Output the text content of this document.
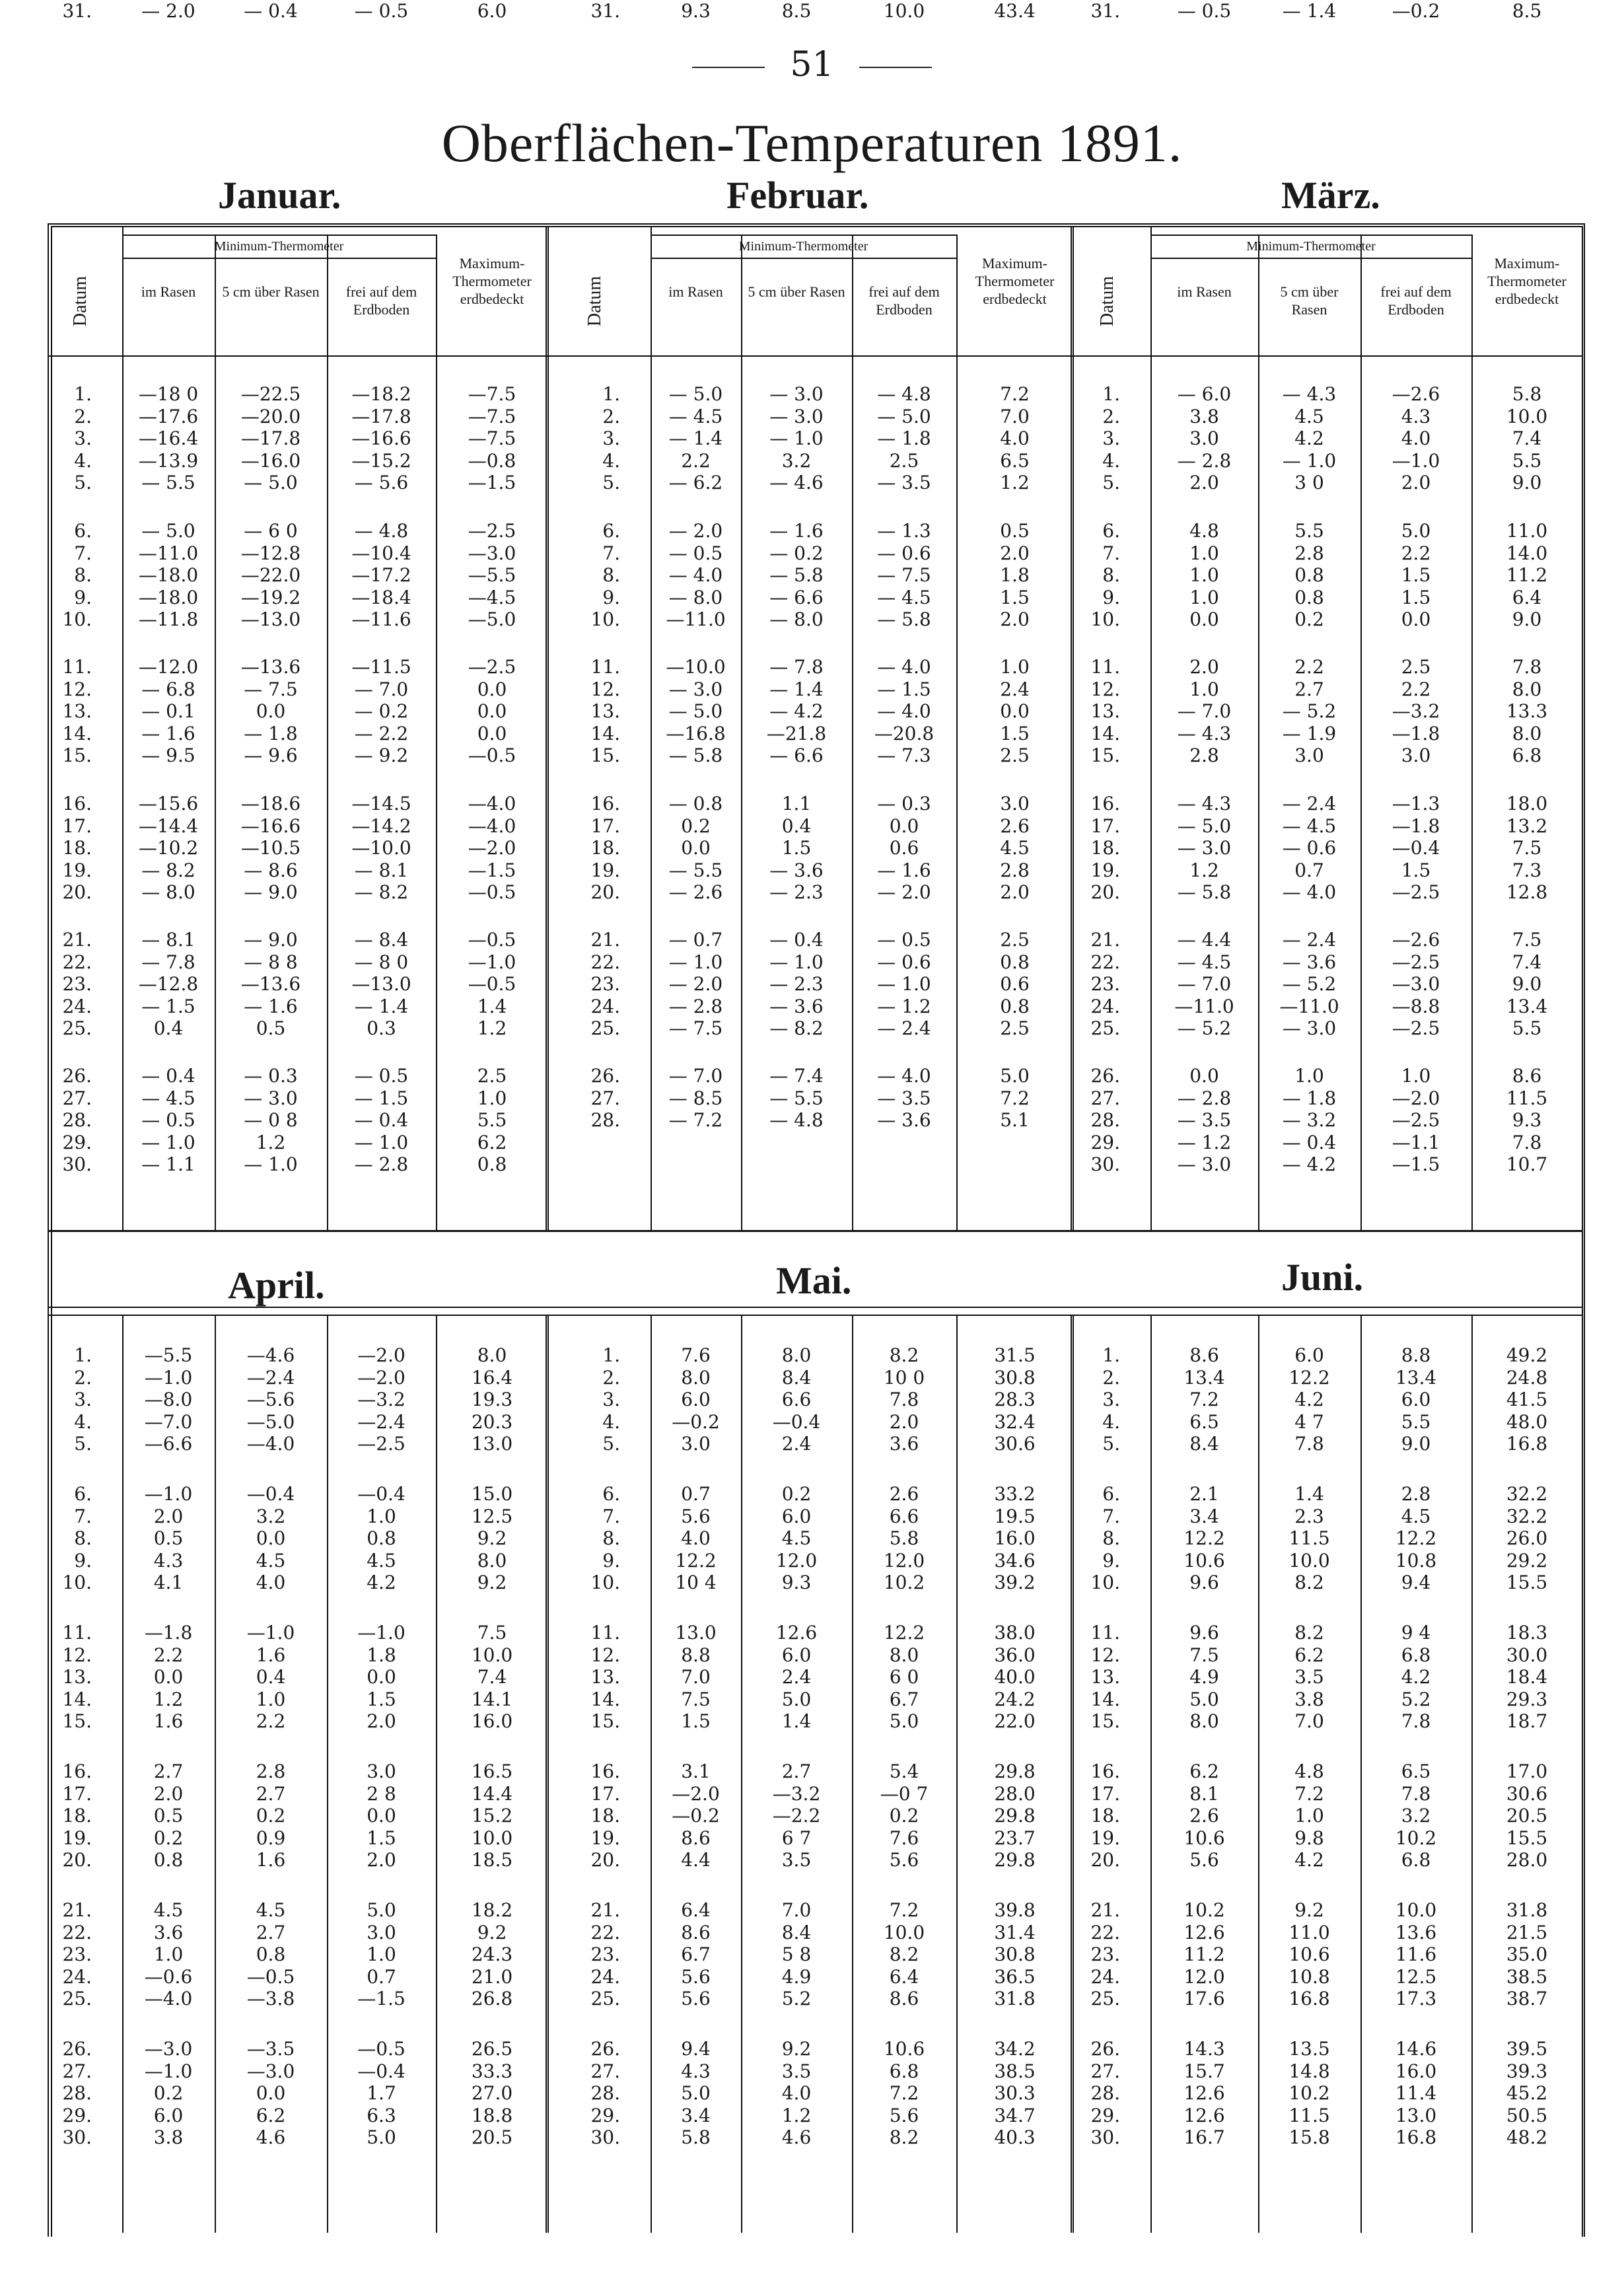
51
Oberflächen-Temperaturen 1891.
Januar.	Februar.	März.
April.	Mai.	Juni.
Datum
Minimum-Thermometer
im Rasen	5 cm über Rasen	frei auf dem Erdboden
Maximum-Thermometer erdbedeckt	Datum
Minimum-Thermometer
im Rasen	5 cm über Rasen	frei auf dem Erdboden
Maximum-Thermometer erdbedeckt	Datum
Minimum-Thermometer
im Rasen	5 cm über Rasen
frei auf dem Erdboden
Maximum-Thermometer erdbedeckt
1.	—18 0	—22.5	—18.2	—7.5
2.	—17.6	—20.0	—17.8	—7.5
3.	—16.4	—17.8	—16.6	—7.5
4.	—13.9	—16.0	—15.2	—0.8
5.	— 5.5	— 5.0	— 5.6	—1.5
6.	— 5.0	— 6 0	— 4.8	—2.5
7.	—11.0	—12.8	—10.4	—3.0
8.	—18.0	—22.0	—17.2	—5.5
9.	—18.0	—19.2	—18.4	—4.5
10.	—11.8	—13.0	—11.6	—5.0
11.	—12.0	—13.6	—11.5	—2.5
12.	— 6.8	— 7.5	— 7.0	0.0
13.	— 0.1	0.0	— 0.2	0.0
14.	— 1.6	— 1.8	— 2.2	0.0
15.	— 9.5	— 9.6	— 9.2	—0.5
16.	—15.6	—18.6	—14.5	—4.0
17.	—14.4	—16.6	—14.2	—4.0
18.	—10.2	—10.5	—10.0	—2.0
19.	— 8.2	— 8.6	— 8.1	—1.5
20.	— 8.0	— 9.0	— 8.2	—0.5
21.	— 8.1	— 9.0	— 8.4	—0.5
22.	— 7.8	— 8 8	— 8 0	—1.0
23.	—12.8	—13.6	—13.0	—0.5
24.	— 1.5	— 1.6	— 1.4	1.4
25.	0.4	0.5	0.3	1.2
26.	— 0.4	— 0.3	— 0.5	2.5
27.	— 4.5	— 3.0	— 1.5	1.0
28.	— 0.5	— 0 8	— 0.4	5.5
29.	— 1.0	1.2	— 1.0	6.2
30.	— 1.1	— 1.0	— 2.8	0.8
31.	— 2.0	— 0.4	— 0.5	6.0
1.	— 5.0	— 3.0	— 4.8	7.2
2.	— 4.5	— 3.0	— 5.0	7.0
3.	— 1.4	— 1.0	— 1.8	4.0
4.	2.2	3.2	2.5	6.5
5.	— 6.2	— 4.6	— 3.5	1.2
6.	— 2.0	— 1.6	— 1.3	0.5
7.	— 0.5	— 0.2	— 0.6	2.0
8.	— 4.0	— 5.8	— 7.5	1.8
9.	— 8.0	— 6.6	— 4.5	1.5
10.	—11.0	— 8.0	— 5.8	2.0
11.	—10.0	— 7.8	— 4.0	1.0
12.	— 3.0	— 1.4	— 1.5	2.4
13.	— 5.0	— 4.2	— 4.0	0.0
14.	—16.8	—21.8	—20.8	1.5
15.	— 5.8	— 6.6	— 7.3	2.5
16.	— 0.8	1.1	— 0.3	3.0
17.	0.2	0.4	0.0	2.6
18.	0.0	1.5	0.6	4.5
19.	— 5.5	— 3.6	— 1.6	2.8
20.	— 2.6	— 2.3	— 2.0	2.0
21.	— 0.7	— 0.4	— 0.5	2.5
22.	— 1.0	— 1.0	— 0.6	0.8
23.	— 2.0	— 2.3	— 1.0	0.6
24.	— 2.8	— 3.6	— 1.2	0.8
25.	— 7.5	— 8.2	— 2.4	2.5
26.	— 7.0	— 7.4	— 4.0	5.0
27.	— 8.5	— 5.5	— 3.5	7.2
28.	— 7.2	— 4.8	— 3.6	5.1
1.	— 6.0	— 4.3	—2.6	5.8
2.	3.8	4.5	4.3	10.0
3.	3.0	4.2	4.0	7.4
4.	— 2.8	— 1.0	—1.0	5.5
5.	2.0	3 0	2.0	9.0
6.	4.8	5.5	5.0	11.0
7.	1.0	2.8	2.2	14.0
8.	1.0	0.8	1.5	11.2
9.	1.0	0.8	1.5	6.4
10.	0.0	0.2	0.0	9.0
11.	2.0	2.2	2.5	7.8
12.	1.0	2.7	2.2	8.0
13.	— 7.0	— 5.2	—3.2	13.3
14.	— 4.3	— 1.9	—1.8	8.0
15.	2.8	3.0	3.0	6.8
16.	— 4.3	— 2.4	—1.3	18.0
17.	— 5.0	— 4.5	—1.8	13.2
18.	— 3.0	— 0.6	—0.4	7.5
19.	1.2	0.7	1.5	7.3
20.	— 5.8	— 4.0	—2.5	12.8
21.	— 4.4	— 2.4	—2.6	7.5
22.	— 4.5	— 3.6	—2.5	7.4
23.	— 7.0	— 5.2	—3.0	9.0
24.	—11.0	—11.0	—8.8	13.4
25.	— 5.2	— 3.0	—2.5	5.5
26.	0.0	1.0	1.0	8.6
27.	— 2.8	— 1.8	—2.0	11.5
28.	— 3.5	— 3.2	—2.5	9.3
29.	— 1.2	— 0.4	—1.1	7.8
30.	— 3.0	— 4.2	—1.5	10.7
31.	— 0.5	— 1.4	—0.2	8.5
1.	—5.5	—4.6	—2.0	8.0
2.	—1.0	—2.4	—2.0	16.4
3.	—8.0	—5.6	—3.2	19.3
4.	—7.0	—5.0	—2.4	20.3
5.	—6.6	—4.0	—2.5	13.0
6.	—1.0	—0.4	—0.4	15.0
7.	2.0	3.2	1.0	12.5
8.	0.5	0.0	0.8	9.2
9.	4.3	4.5	4.5	8.0
10.	4.1	4.0	4.2	9.2
11.	—1.8	—1.0	—1.0	7.5
12.	2.2	1.6	1.8	10.0
13.	0.0	0.4	0.0	7.4
14.	1.2	1.0	1.5	14.1
15.	1.6	2.2	2.0	16.0
16.	2.7	2.8	3.0	16.5
17.	2.0	2.7	2 8	14.4
18.	0.5	0.2	0.0	15.2
19.	0.2	0.9	1.5	10.0
20.	0.8	1.6	2.0	18.5
21.	4.5	4.5	5.0	18.2
22.	3.6	2.7	3.0	9.2
23.	1.0	0.8	1.0	24.3
24.	—0.6	—0.5	0.7	21.0
25.	—4.0	—3.8	—1.5	26.8
26.	—3.0	—3.5	—0.5	26.5
27.	—1.0	—3.0	—0.4	33.3
28.	0.2	0.0	1.7	27.0
29.	6.0	6.2	6.3	18.8
30.	3.8	4.6	5.0	20.5
1.	7.6	8.0	8.2	31.5
2.	8.0	8.4	10 0	30.8
3.	6.0	6.6	7.8	28.3
4.	—0.2	—0.4	2.0	32.4
5.	3.0	2.4	3.6	30.6
6.	0.7	0.2	2.6	33.2
7.	5.6	6.0	6.6	19.5
8.	4.0	4.5	5.8	16.0
9.	12.2	12.0	12.0	34.6
10.	10 4	9.3	10.2	39.2
11.	13.0	12.6	12.2	38.0
12.	8.8	6.0	8.0	36.0
13.	7.0	2.4	6 0	40.0
14.	7.5	5.0	6.7	24.2
15.	1.5	1.4	5.0	22.0
16.	3.1	2.7	5.4	29.8
17.	—2.0	—3.2	—0 7	28.0
18.	—0.2	—2.2	0.2	29.8
19.	8.6	6 7	7.6	23.7
20.	4.4	3.5	5.6	29.8
21.	6.4	7.0	7.2	39.8
22.	8.6	8.4	10.0	31.4
23.	6.7	5 8	8.2	30.8
24.	5.6	4.9	6.4	36.5
25.	5.6	5.2	8.6	31.8
26.	9.4	9.2	10.6	34.2
27.	4.3	3.5	6.8	38.5
28.	5.0	4.0	7.2	30.3
29.	3.4	1.2	5.6	34.7
30.	5.8	4.6	8.2	40.3
31.	9.3	8.5	10.0	43.4
1.	8.6	6.0	8.8	49.2
2.	13.4	12.2	13.4	24.8
3.	7.2	4.2	6.0	41.5
4.	6.5	4 7	5.5	48.0
5.	8.4	7.8	9.0	16.8
6.	2.1	1.4	2.8	32.2
7.	3.4	2.3	4.5	32.2
8.	12.2	11.5	12.2	26.0
9.	10.6	10.0	10.8	29.2
10.	9.6	8.2	9.4	15.5
11.	9.6	8.2	9 4	18.3
12.	7.5	6.2	6.8	30.0
13.	4.9	3.5	4.2	18.4
14.	5.0	3.8	5.2	29.3
15.	8.0	7.0	7.8	18.7
16.	6.2	4.8	6.5	17.0
17.	8.1	7.2	7.8	30.6
18.	2.6	1.0	3.2	20.5
19.	10.6	9.8	10.2	15.5
20.	5.6	4.2	6.8	28.0
21.	10.2	9.2	10.0	31.8
22.	12.6	11.0	13.6	21.5
23.	11.2	10.6	11.6	35.0
24.	12.0	10.8	12.5	38.5
25.	17.6	16.8	17.3	38.7
26.	14.3	13.5	14.6	39.5
27.	15.7	14.8	16.0	39.3
28.	12.6	10.2	11.4	45.2
29.	12.6	11.5	13.0	50.5
30.	16.7	15.8	16.8	48.2
